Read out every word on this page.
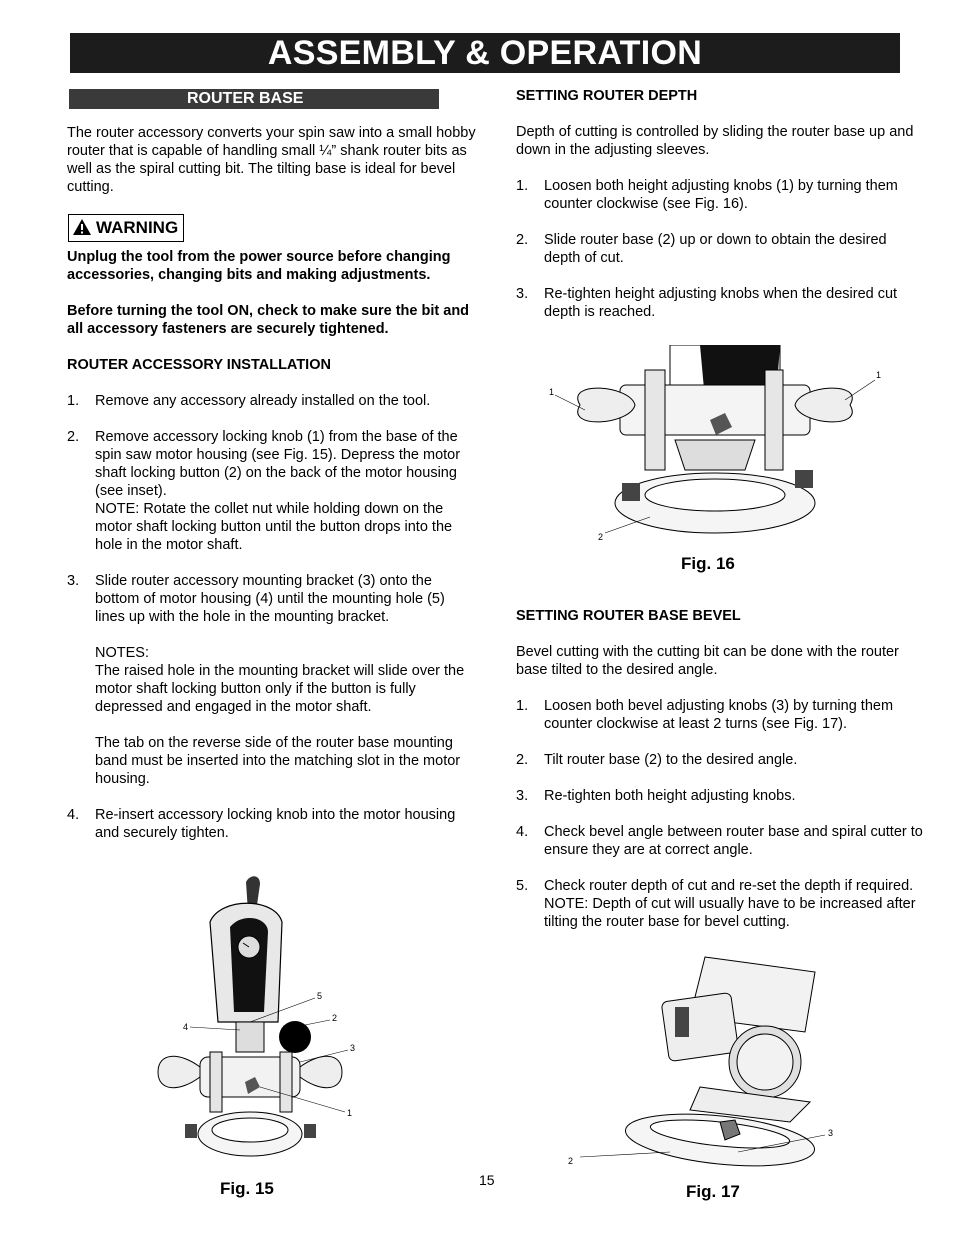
ASSEMBLY & OPERATION
ROUTER BASE

The router accessory converts your spin saw into a small hobby router that is capable of handling small ¼” shank router bits as well as the spiral cutting bit. The tilting base is ideal for bevel cutting.

WARNING

Unplug the tool from the power source before changing accessories, changing bits and making adjustments.

Before turning the tool ON, check to make sure the bit and all accessory fasteners are securely tightened.

ROUTER ACCESSORY INSTALLATION

1.	Remove any accessory already installed on the tool.
2.	Remove accessory locking knob (1) from the base of the spin saw motor housing (see Fig. 15). Depress the motor shaft locking button (2) on the back of the motor housing (see inset).
NOTE: Rotate the collet nut while holding down on the motor shaft locking button until the button drops into the hole in the motor shaft.
3.	Slide router accessory mounting bracket (3) onto the bottom of motor housing (4) until the mounting hole (5) lines up with the hole in the mounting bracket.
NOTES:
The raised hole in the mounting bracket will slide over the motor shaft locking button only if the button is fully depressed and engaged in the motor shaft.
The tab on the reverse side of the router base mounting band must be inserted into the matching slot in the motor housing.
4.	Re-insert accessory locking knob into the motor housing and securely tighten.
5
2
4
3
1
Fig. 15	15

SETTING ROUTER DEPTH

Depth of cutting is controlled by sliding the router base up and down in the adjusting sleeves.

1.	Loosen both height adjusting knobs (1) by turning them counter clockwise (see Fig. 16).
2.	Slide router base (2) up or down to obtain the desired depth of cut.
3.	Re-tighten height adjusting knobs when the desired cut depth is reached.
1
1
2
Fig. 16

SETTING ROUTER BASE BEVEL

Bevel cutting with the cutting bit can be done with the router base tilted to the desired angle.

1.	Loosen both bevel adjusting knobs (3) by turning them counter clockwise at least 2 turns (see Fig. 17).
2.	Tilt router base (2) to the desired angle.
3.	Re-tighten both height adjusting knobs.
4.	Check bevel angle between router base and spiral cutter to ensure they are at correct angle.
5.	Check router depth of cut and re-set the depth if required.
NOTE: Depth of cut will usually have to be increased after tilting the router base for bevel cutting.
3
2
Fig. 17
